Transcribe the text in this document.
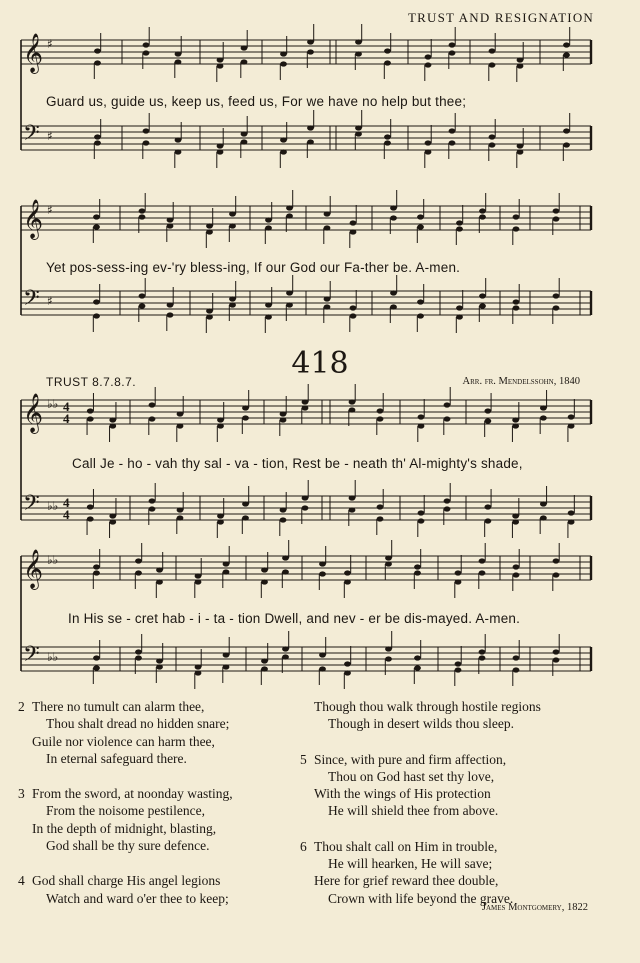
TRUST AND RESIGNATION
𝄞 ♯
𝄢 ♯
𝄞 ♯
𝄢 ♯
𝄞 ♭♭ 4
4
𝄢 ♭♭ 4
4
𝄞 ♭♭
𝄢 ♭♭
Guard us, guide us, keep us, feed us, For we have no help but thee;
Yet pos-sess-ing ev-'ry bless-ing, If our God our Fa-ther be. A-men.
418
TRUST 8.7.8.7.	Arr. fr. Mendelssohn, 1840
Call Je - ho - vah thy sal - va - tion, Rest be - neath th' Al-mighty's shade,
In His se - cret hab - i - ta - tion Dwell, and nev - er be dis-mayed. A-men.
2 There no tumult can alarm thee,
Thou shalt dread no hidden snare;
Guile nor violence can harm thee,
In eternal safeguard there.
3 From the sword, at noonday wasting,
From the noisome pestilence,
In the depth of midnight, blasting,
God shall be thy sure defence.
4 God shall charge His angel legions
Watch and ward o'er thee to keep;
Though thou walk through hostile regions
Though in desert wilds thou sleep.
5 Since, with pure and firm affection,
Thou on God hast set thy love,
With the wings of His protection
He will shield thee from above.
6 Thou shalt call on Him in trouble,
He will hearken, He will save;
Here for grief reward thee double,
Crown with life beyond the grave.
James Montgomery, 1822
